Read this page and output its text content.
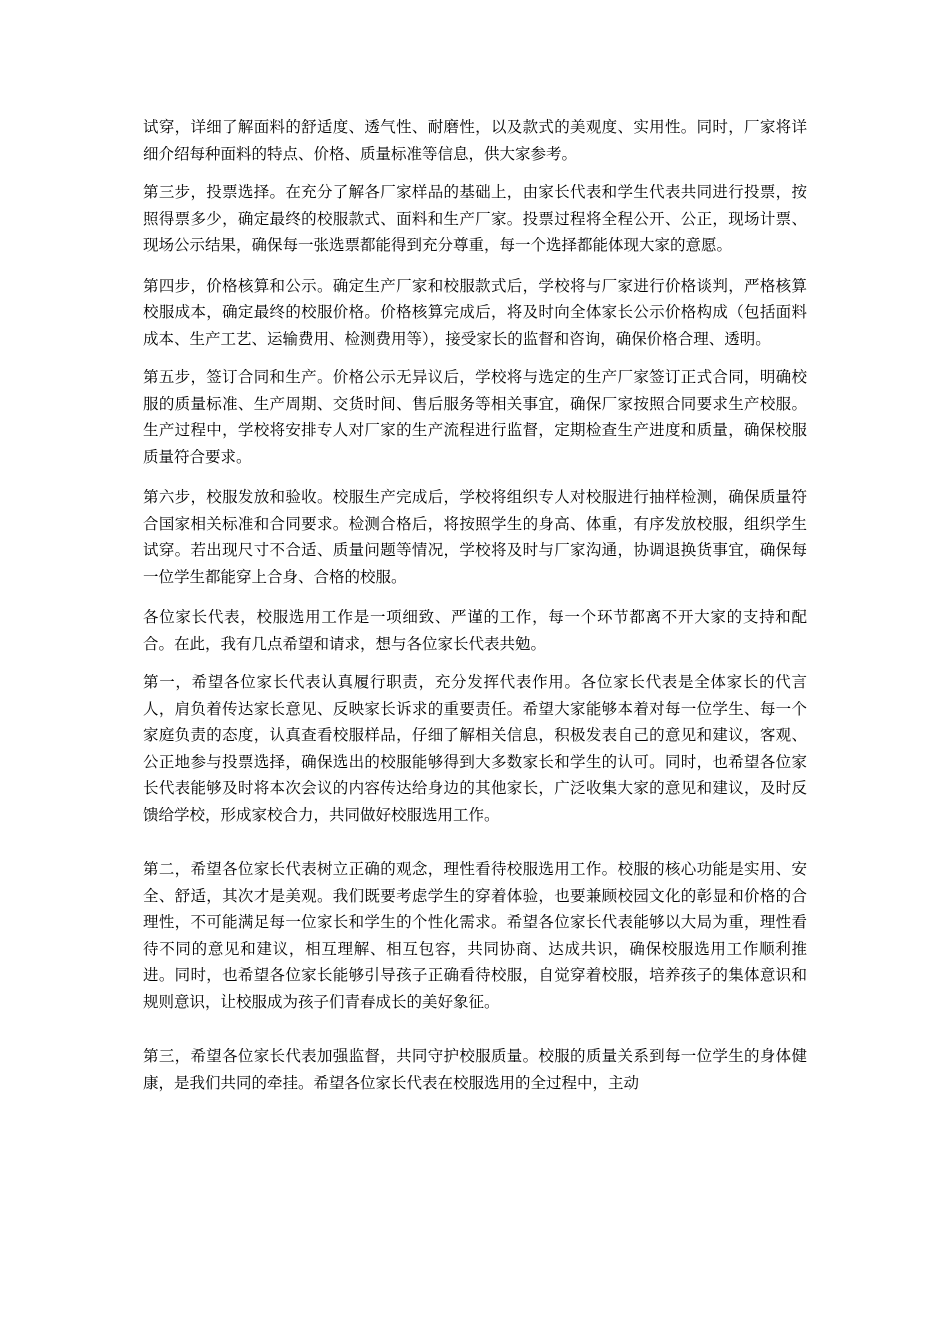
试穿，详细了解面料的舒适度、透气性、耐磨性，以及款式的美观度、实用性。同时，厂家将详细介绍每种面料的特点、价格、质量标准等信息，供大家参考。

第三步，投票选择。在充分了解各厂家样品的基础上，由家长代表和学生代表共同进行投票，按照得票多少，确定最终的校服款式、面料和生产厂家。投票过程将全程公开、公正，现场计票、现场公示结果，确保每一张选票都能得到充分尊重，每一个选择都能体现大家的意愿。

第四步，价格核算和公示。确定生产厂家和校服款式后，学校将与厂家进行价格谈判，严格核算校服成本，确定最终的校服价格。价格核算完成后，将及时向全体家长公示价格构成（包括面料成本、生产工艺、运输费用、检测费用等），接受家长的监督和咨询，确保价格合理、透明。

第五步，签订合同和生产。价格公示无异议后，学校将与选定的生产厂家签订正式合同，明确校服的质量标准、生产周期、交货时间、售后服务等相关事宜，确保厂家按照合同要求生产校服。生产过程中，学校将安排专人对厂家的生产流程进行监督，定期检查生产进度和质量，确保校服质量符合要求。

第六步，校服发放和验收。校服生产完成后，学校将组织专人对校服进行抽样检测，确保质量符合国家相关标准和合同要求。检测合格后，将按照学生的身高、体重，有序发放校服，组织学生试穿。若出现尺寸不合适、质量问题等情况，学校将及时与厂家沟通，协调退换货事宜，确保每一位学生都能穿上合身、合格的校服。

各位家长代表，校服选用工作是一项细致、严谨的工作，每一个环节都离不开大家的支持和配合。在此，我有几点希望和请求，想与各位家长代表共勉。

第一，希望各位家长代表认真履行职责，充分发挥代表作用。各位家长代表是全体家长的代言人，肩负着传达家长意见、反映家长诉求的重要责任。希望大家能够本着对每一位学生、每一个家庭负责的态度，认真查看校服样品，仔细了解相关信息，积极发表自己的意见和建议，客观、公正地参与投票选择，确保选出的校服能够得到大多数家长和学生的认可。同时，也希望各位家长代表能够及时将本次会议的内容传达给身边的其他家长，广泛收集大家的意见和建议，及时反馈给学校，形成家校合力，共同做好校服选用工作。

第二，希望各位家长代表树立正确的观念，理性看待校服选用工作。校服的核心功能是实用、安全、舒适，其次才是美观。我们既要考虑学生的穿着体验，也要兼顾校园文化的彰显和价格的合理性，不可能满足每一位家长和学生的个性化需求。希望各位家长代表能够以大局为重，理性看待不同的意见和建议，相互理解、相互包容，共同协商、达成共识，确保校服选用工作顺利推进。同时，也希望各位家长能够引导孩子正确看待校服，自觉穿着校服，培养孩子的集体意识和规则意识，让校服成为孩子们青春成长的美好象征。

第三，希望各位家长代表加强监督，共同守护校服质量。校服的质量关系到每一位学生的身体健康，是我们共同的牵挂。希望各位家长代表在校服选用的全过程中，主动
